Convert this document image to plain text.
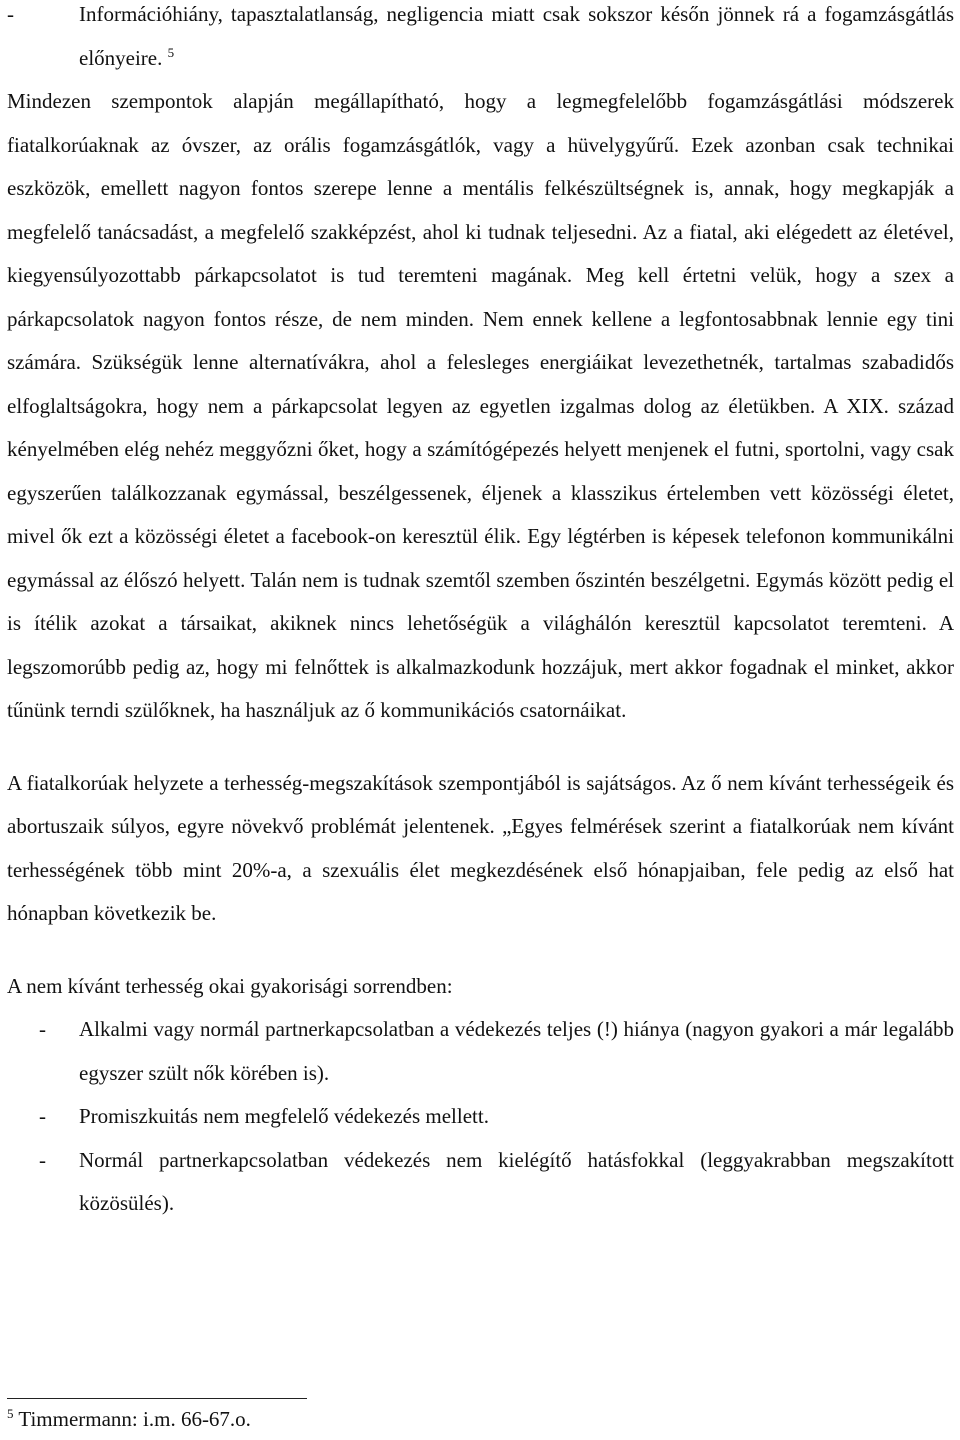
-	Információhiány, tapasztalatlanság, negligencia miatt csak sokszor későn jönnek rá a fogamzásgátlás előnyeire. $^5$

Mindezen szempontok alapján megállapítható, hogy a legmegfelelőbb fogamzásgátlási módszerek fiatalkorúaknak az óvszer, az orális fogamzásgátlók, vagy a hüvelygyűrű. Ezek azonban csak technikai eszközök, emellett nagyon fontos szerepe lenne a mentális felkészültségnek is, annak, hogy megkapják a megfelelő tanácsadást, a megfelelő szakképzést, ahol ki tudnak teljesedni. Az a fiatal, aki elégedett az életével, kiegyensúlyozottabb párkapcsolatot is tud teremteni magának. Meg kell értetni velük, hogy a szex a párkapcsolatok nagyon fontos része, de nem minden. Nem ennek kellene a legfontosabbnak lennie egy tini számára. Szükségük lenne alternatívákra, ahol a felesleges energiáikat levezethetnék, tartalmas szabadidős elfoglaltságokra, hogy nem a párkapcsolat legyen az egyetlen izgalmas dolog az életükben. A XIX. század kényelmében elég nehéz meggyőzni őket, hogy a számítógépezés helyett menjenek el futni, sportolni, vagy csak egyszerűen találkozzanak egymással, beszélgessenek, éljenek a klasszikus értelemben vett közösségi életet, mivel ők ezt a közösségi életet a facebook-on keresztül élik. Egy légtérben is képesek telefonon kommunikálni egymással az élőszó helyett. Talán nem is tudnak szemtől szemben őszintén beszélgetni. Egymás között pedig el is ítélik azokat a társaikat, akiknek nincs lehetőségük a világhálón keresztül kapcsolatot teremteni. A legszomorúbb pedig az, hogy mi felnőttek is alkalmazkodunk hozzájuk, mert akkor fogadnak el minket, akkor tűnünk terndi szülőknek, ha használjuk az ő kommunikációs csatornáikat.

A fiatalkorúak helyzete a terhesség-megszakítások szempontjából is sajátságos. Az ő nem kívánt terhességeik és abortuszaik súlyos, egyre növekvő problémát jelentenek. „Egyes felmérések szerint a fiatalkorúak nem kívánt terhességének több mint 20%-a, a szexuális élet megkezdésének első hónapjaiban, fele pedig az első hat hónapban következik be.

A nem kívánt terhesség okai gyakorisági sorrendben:

-	Alkalmi vagy normál partnerkapcsolatban a védekezés teljes (!) hiánya (nagyon gyakori a már legalább egyszer szült nők körében is).
-	Promiszkuitás nem megfelelő védekezés mellett.
-	Normál partnerkapcsolatban védekezés nem kielégítő hatásfokkal (leggyakrabban megszakított közösülés).
$^5$ Timmermann: i.m. 66-67.o.
